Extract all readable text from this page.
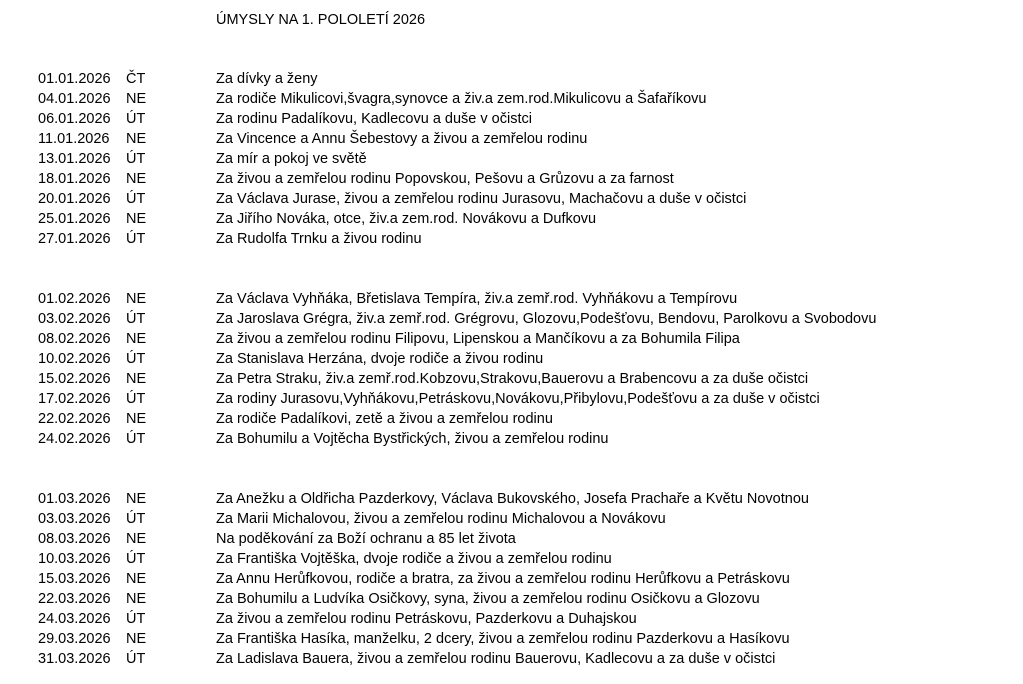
ÚMYSLY NA 1. POLOLETÍ 2026
01.01.2026 ČT	Za dívky a ženy
04.01.2026 NE	Za rodiče Mikulicovi,švagra,synovce a živ.a zem.rod.Mikulicovu a Šafaříkovu
06.01.2026 ÚT	Za rodinu Padalíkovu, Kadlecovu a duše v očistci
11.01.2026 NE	Za Vincence a Annu Šebestovy a živou a zemřelou rodinu
13.01.2026 ÚT	Za mír a pokoj ve světě
18.01.2026 NE	Za živou a zemřelou rodinu Popovskou, Pešovu a Grůzovu a za farnost
20.01.2026 ÚT	Za Václava Jurase, živou a zemřelou rodinu Jurasovu, Machačovu a duše v očistci
25.01.2026 NE	Za Jiřího Nováka, otce, živ.a zem.rod. Novákovu a Dufkovu
27.01.2026 ÚT	Za Rudolfa Trnku a živou rodinu
01.02.2026 NE	Za Václava Vyhňáka, Břetislava Tempíra, živ.a zemř.rod. Vyhňákovu a Tempírovu
03.02.2026 ÚT	Za Jaroslava Grégra, živ.a zemř.rod. Grégrovu, Glozovu,Podešťovu, Bendovu, Parolkovu a Svobodovu
08.02.2026 NE	Za živou a zemřelou rodinu Filipovu, Lipenskou a Mančíkovu a za Bohumila Filipa
10.02.2026 ÚT	Za Stanislava Herzána, dvoje rodiče a živou rodinu
15.02.2026 NE	Za Petra Straku, živ.a zemř.rod.Kobzovu,Strakovu,Bauerovu a Brabencovu a za duše očistci
17.02.2026 ÚT	Za rodiny Jurasovu,Vyhňákovu,Petráskovu,Novákovu,Přibylovu,Podešťovu a za duše v očistci
22.02.2026 NE	Za rodiče Padalíkovi, zetě a živou a zemřelou rodinu
24.02.2026 ÚT	Za Bohumilu a Vojtěcha Bystřických, živou a zemřelou rodinu
01.03.2026 NE	Za Anežku a Oldřicha Pazderkovy, Václava Bukovského, Josefa Prachaře a Květu Novotnou
03.03.2026 ÚT	Za Marii Michalovou, živou a zemřelou rodinu Michalovou a Novákovu
08.03.2026 NE	Na poděkování za Boží ochranu a 85 let života
10.03.2026 ÚT	Za Františka Vojtěška, dvoje rodiče a živou a zemřelou rodinu
15.03.2026 NE	Za Annu Herůfkovou, rodiče a bratra, za živou a zemřelou rodinu Herůfkovu a Petráskovu
22.03.2026 NE	Za Bohumilu a Ludvíka Osičkovy, syna, živou a zemřelou rodinu Osičkovu a Glozovu
24.03.2026 ÚT	Za živou a zemřelou rodinu Petráskovu, Pazderkovu a Duhajskou
29.03.2026 NE	Za Františka Hasíka, manželku, 2 dcery, živou a zemřelou rodinu Pazderkovu a Hasíkovu
31.03.2026 ÚT	Za Ladislava Bauera, živou a zemřelou rodinu Bauerovu, Kadlecovu a za duše v očistci
